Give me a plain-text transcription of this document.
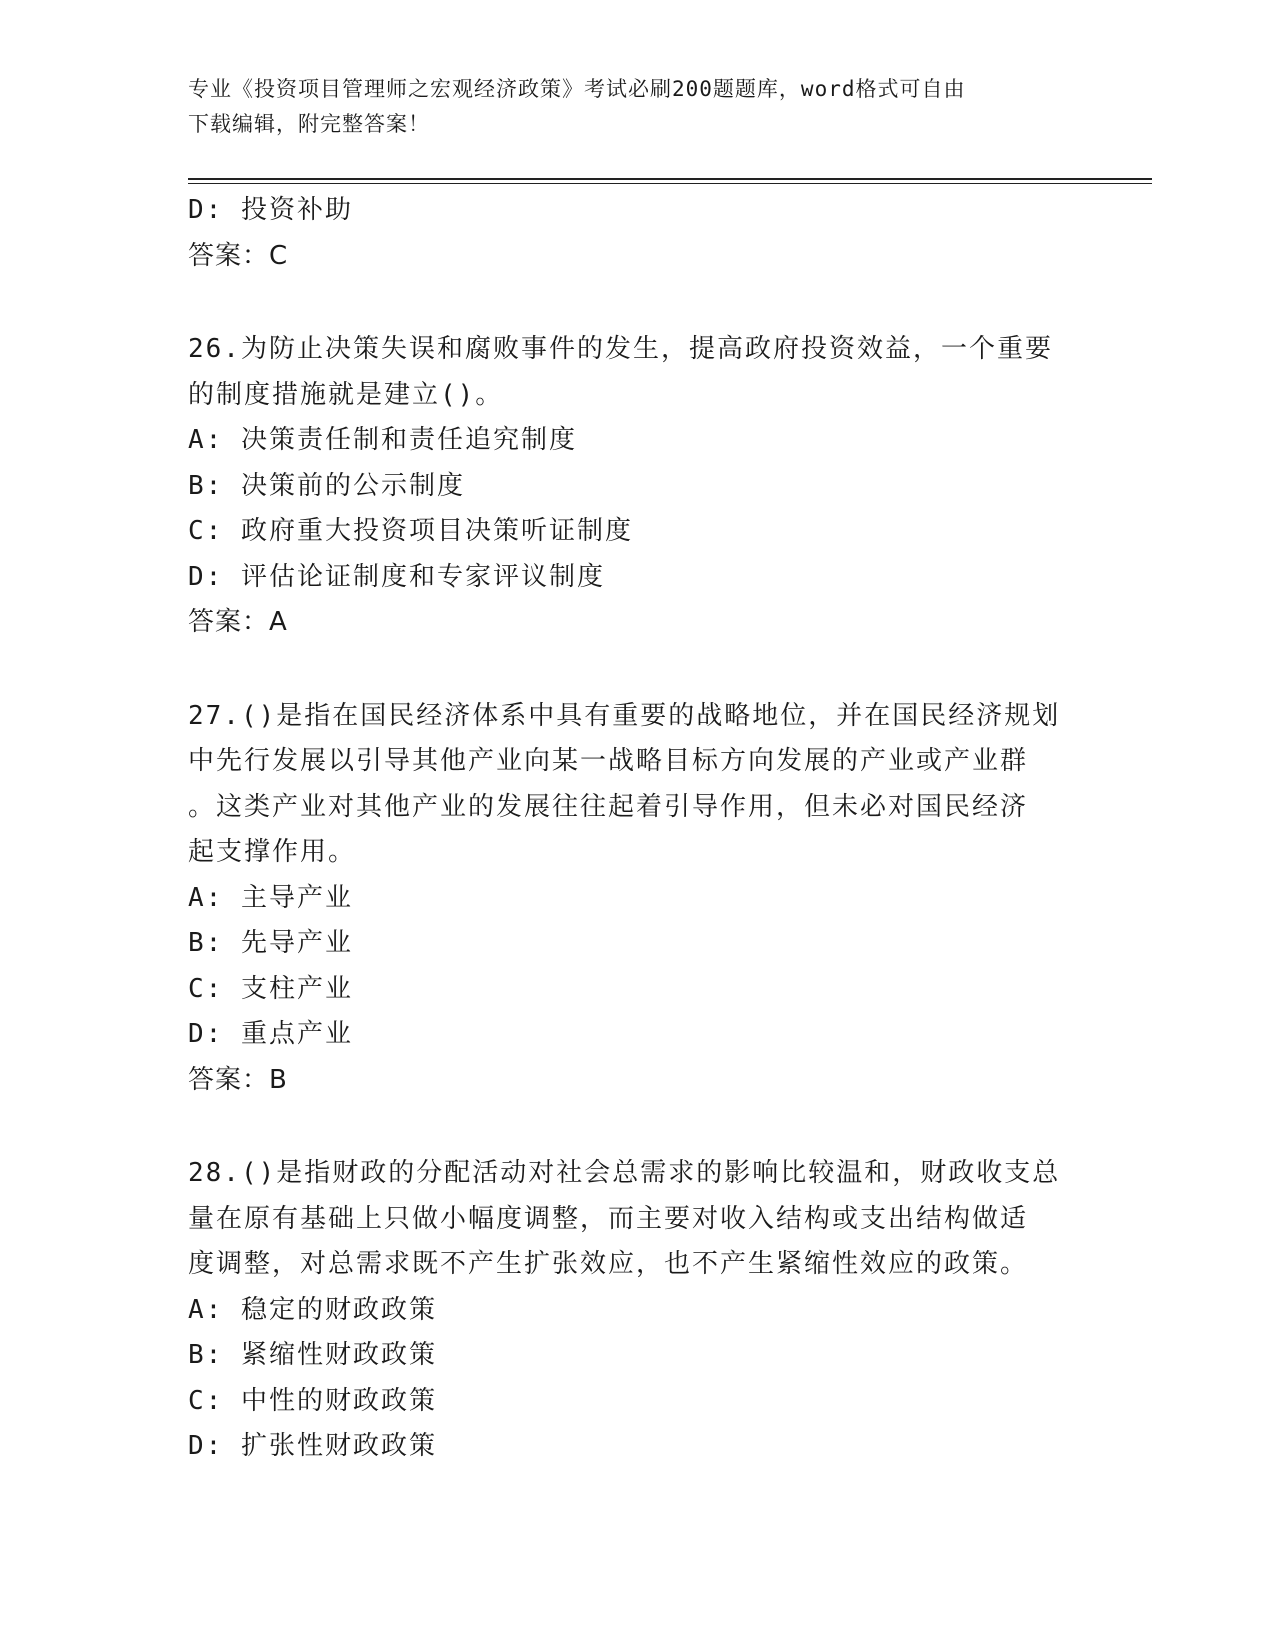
专业《投资项目管理师之宏观经济政策》考试必刷200题题库，word格式可自由
下载编辑，附完整答案！
D: 投资补助
答案：C
26.为防止决策失误和腐败事件的发生，提高政府投资效益，一个重要
的制度措施就是建立()。
A: 决策责任制和责任追究制度
B: 决策前的公示制度
C: 政府重大投资项目决策听证制度
D: 评估论证制度和专家评议制度
答案：A
27.()是指在国民经济体系中具有重要的战略地位，并在国民经济规划
中先行发展以引导其他产业向某一战略目标方向发展的产业或产业群
。这类产业对其他产业的发展往往起着引导作用，但未必对国民经济
起支撑作用。
A: 主导产业
B: 先导产业
C: 支柱产业
D: 重点产业
答案：B
28.()是指财政的分配活动对社会总需求的影响比较温和，财政收支总
量在原有基础上只做小幅度调整，而主要对收入结构或支出结构做适
度调整，对总需求既不产生扩张效应，也不产生紧缩性效应的政策。
A: 稳定的财政政策
B: 紧缩性财政政策
C: 中性的财政政策
D: 扩张性财政政策
